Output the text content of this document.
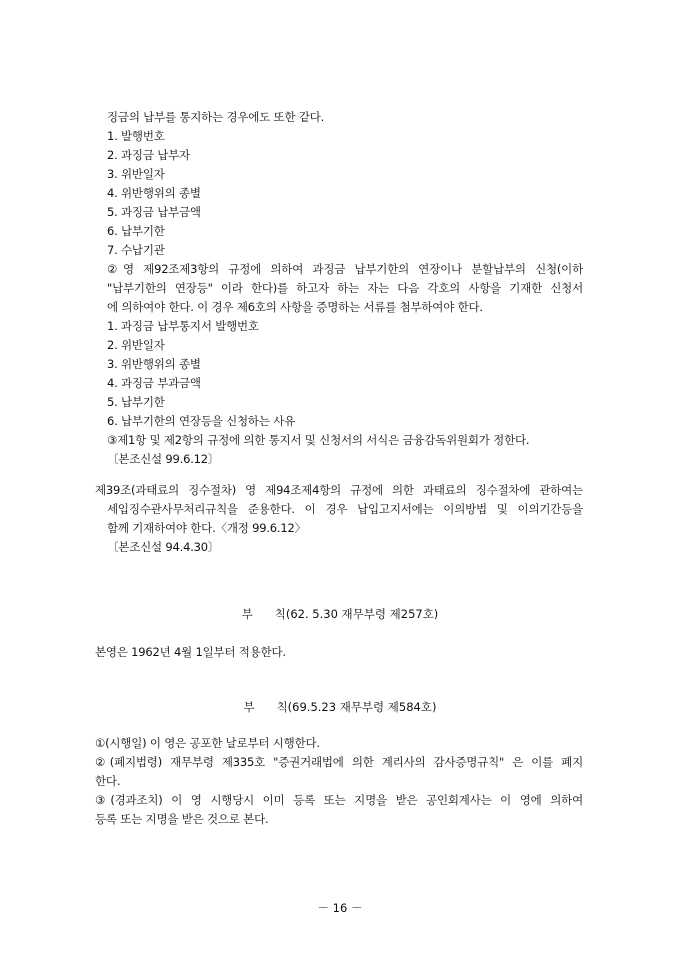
징금의 납부를 통지하는 경우에도 또한 같다.
1. 발행번호
2. 과징금 납부자
3. 위반일자
4. 위반행위의 종별
5. 과징금 납부금액
6. 납부기한
7. 수납기관
②영 제92조제3항의 규정에 의하여 과징금 납부기한의 연장이나 분할납부의 신청(이하
"납부기한의 연장등" 이라 한다)를 하고자 하는 자는 다음 각호의 사항을 기재한 신청서
에 의하여야 한다. 이 경우 제6호의 사항을 증명하는 서류를 첨부하여야 한다.
1. 과징금 납부통지서 발행번호
2. 위반일자
3. 위반행위의 종별
4. 과징금 부과금액
5. 납부기한
6. 납부기한의 연장등을 신청하는 사유
③제1항 및 제2항의 규정에 의한 통지서 및 신청서의 서식은 금융감독위원회가 정한다.
〔본조신설 99.6.12〕
제39조(과태료의 징수절차) 영 제94조제4항의 규정에 의한 과태료의 징수절차에 관하여는
세입징수관사무처리규칙을 준용한다. 이 경우 납입고지서에는 이의방법 및 이의기간등을
함께 기재하여야 한다.〈개정 99.6.12〉
〔본조신설 94.4.30〕
부      칙(62. 5.30 재무부령 제257호)
본영은 1962년 4월 1일부터 적용한다.
부      칙(69.5.23 재무부령 제584호)
①(시행일) 이 영은 공포한 날로부터 시행한다.
②(폐지법령) 재무부령 제335호 "증권거래법에 의한 계리사의 감사증명규칙" 은 이를 폐지
한다.
③(경과조치) 이 영 시행당시 이미 등록 또는 지명을 받은 공인회계사는 이 영에 의하여
등록 또는 지명을 받은 것으로 본다.
－ 16 －
